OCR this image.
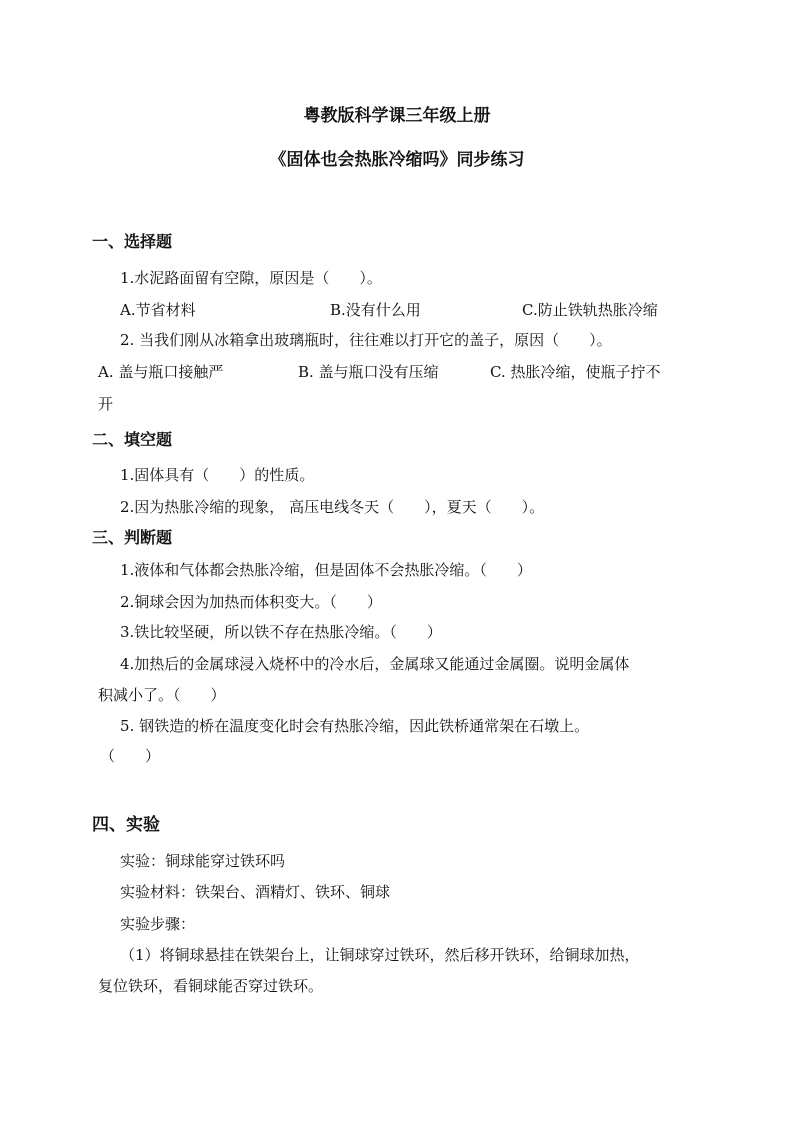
粤教版科学课三年级上册
《固体也会热胀冷缩吗》同步练习
一、选择题
1.水泥路面留有空隙，原因是（　　）。
A.节省材料	B.没有什么用	C.防止铁轨热胀冷缩
2. 当我们刚从冰箱拿出玻璃瓶时，往往难以打开它的盖子，原因（　　）。
A. 盖与瓶口接触严	B. 盖与瓶口没有压缩	C. 热胀冷缩，使瓶子拧不
开
二、填空题
1.固体具有（　　）的性质。
2.因为热胀冷缩的现象， 高压电线冬天（　　），夏天（　　）。
三、判断题
1.液体和气体都会热胀冷缩，但是固体不会热胀冷缩。（　　）
2.铜球会因为加热而体积变大。（　　）
3.铁比较坚硬，所以铁不存在热胀冷缩。（　　）
4.加热后的金属球浸入烧杯中的冷水后，金属球又能通过金属圈。说明金属体
积减小了。（　　）
5. 钢铁造的桥在温度变化时会有热胀冷缩，因此铁桥通常架在石墩上。
（　　）
四、实验
实验：铜球能穿过铁环吗
实验材料：铁架台、酒精灯、铁环、铜球
实验步骤：
（1）将铜球悬挂在铁架台上，让铜球穿过铁环，然后移开铁环，给铜球加热，
复位铁环，看铜球能否穿过铁环。
